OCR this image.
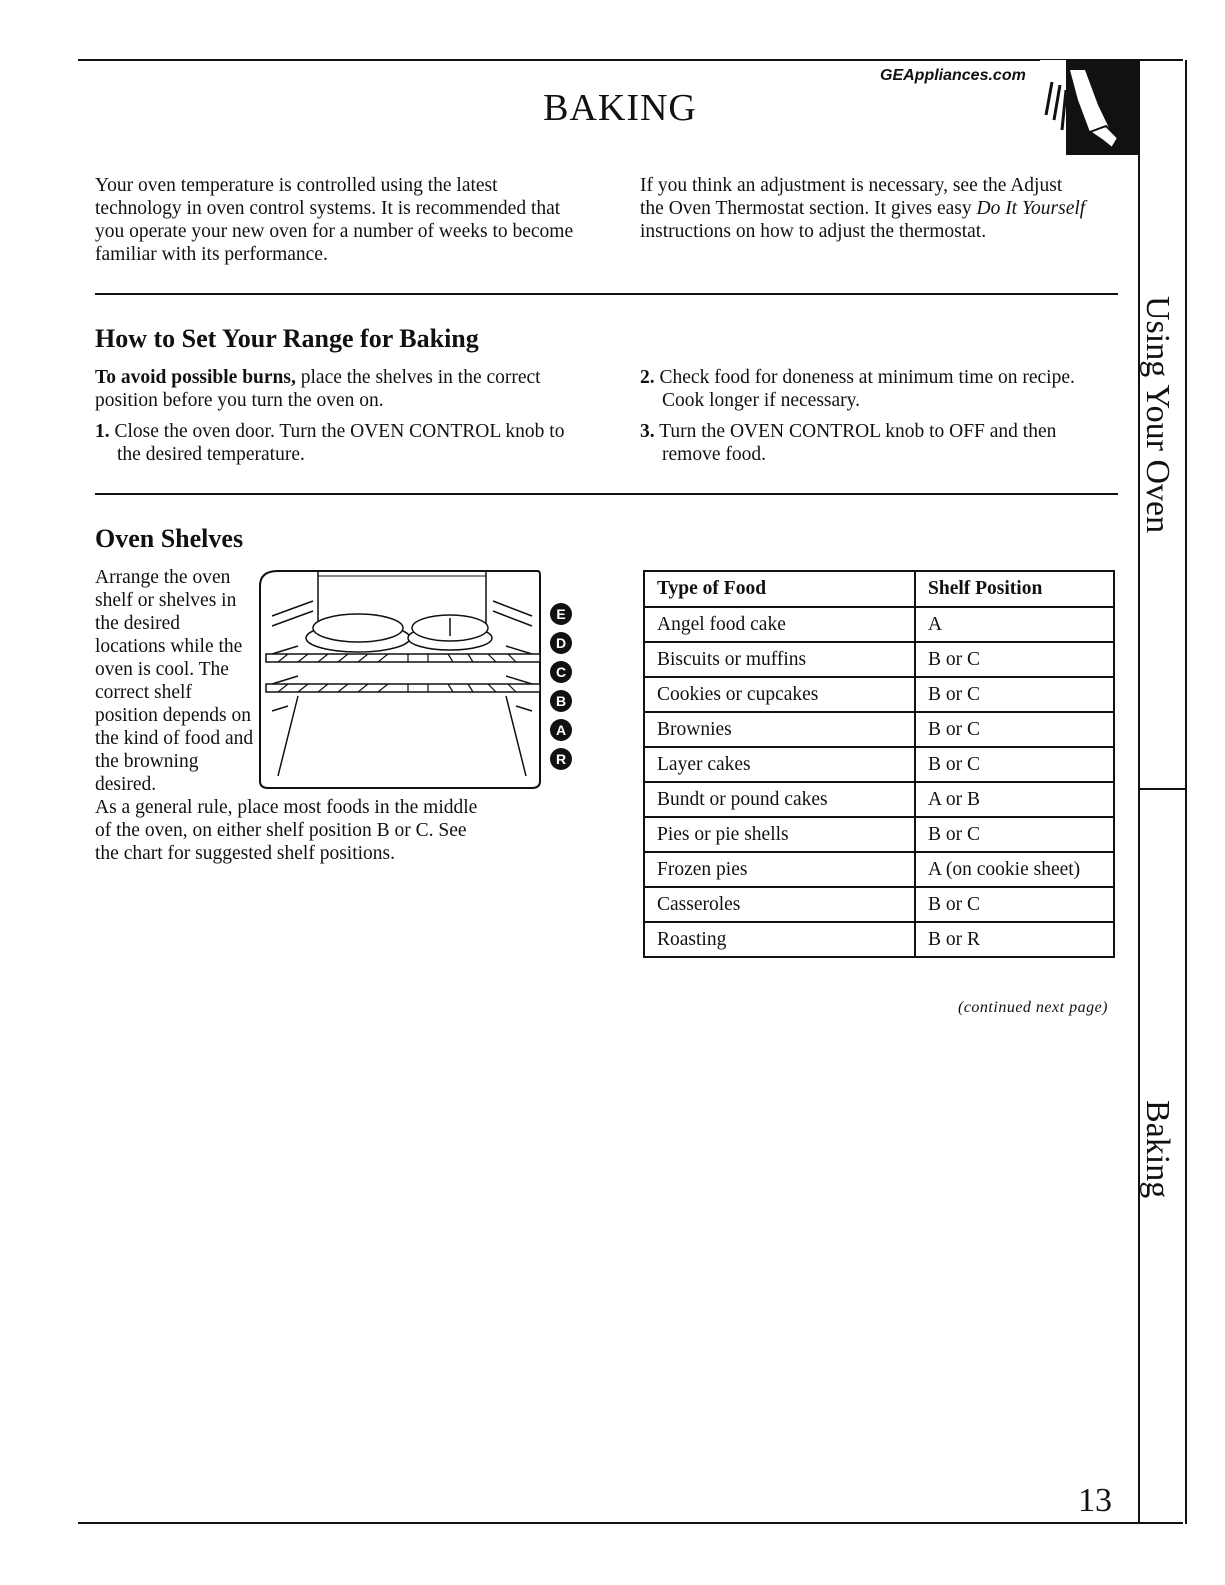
GEAppliances.com
BAKING

Your oven temperature is controlled using the latest technology in oven control systems. It is recommended that you operate your new oven for a number of weeks to become familiar with its performance.

If you think an adjustment is necessary, see the Adjust the Oven Thermostat section. It gives easy Do It Yourself instructions on how to adjust the thermostat.

How to Set Your Range for Baking

To avoid possible burns, place the shelves in the correct position before you turn the oven on.

1. Close the oven door. Turn the OVEN CONTROL knob to the desired temperature.
2. Check food for doneness at minimum time on recipe. Cook longer if necessary.
3. Turn the OVEN CONTROL knob to OFF and then remove food.
Oven Shelves

Arrange the oven shelf or shelves in the desired locations while the oven is cool. The correct shelf position depends on the kind of food and the browning desired.

As a general rule, place most foods in the middle of the oven, on either shelf position B or C. See the chart for suggested shelf positions.

E
D
C
B
A
R
Type of Food	Shelf Position
Angel food cake	A
Biscuits or muffins	B or C
Cookies or cupcakes	B or C
Brownies	B or C
Layer cakes	B or C
Bundt or pound cakes	A or B
Pies or pie shells	B or C
Frozen pies	A (on cookie sheet)
Casseroles	B or C
Roasting	B or R
(continued next page)
Using Your Oven
Baking
13
